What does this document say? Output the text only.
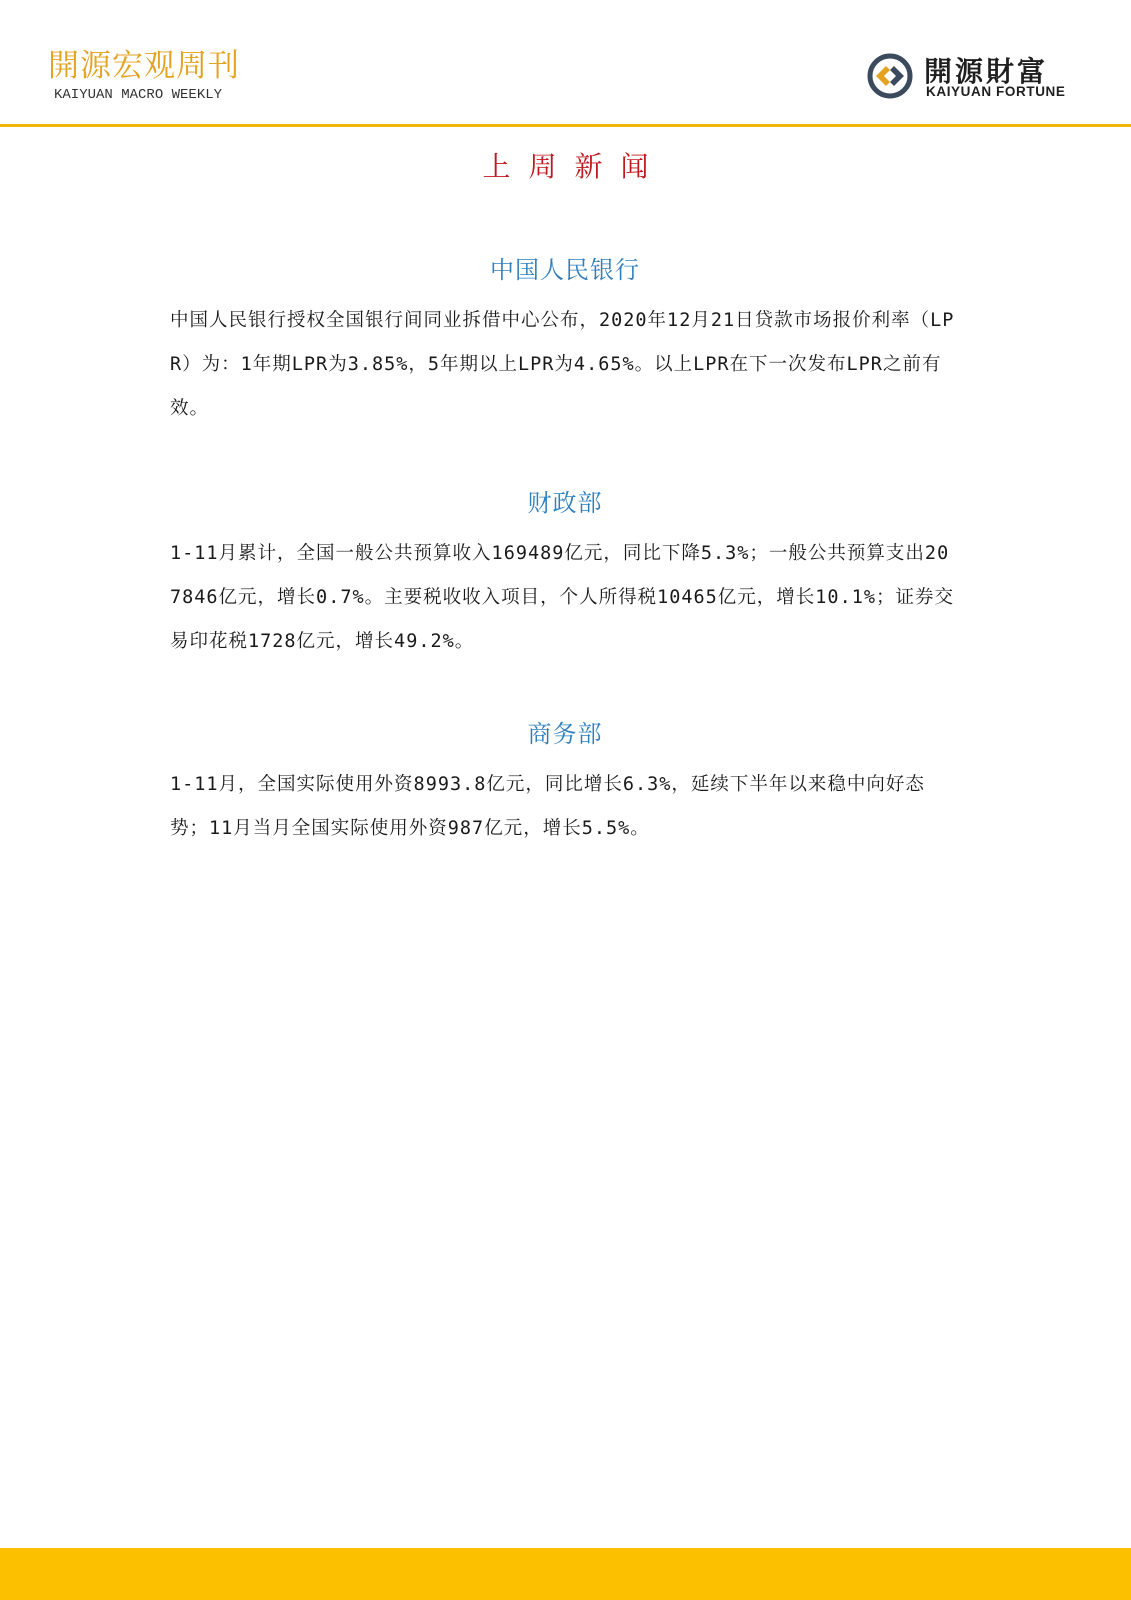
開源宏观周刊
KAIYUAN MACRO WEEKLY
開源財富
KAIYUAN FORTUNE
上周新闻
中国人民银行

中国人民银行授权全国银行间同业拆借中心公布，2020年12月21日贷款市场报价利率（LPR）为：1年期LPR为3.85%，5年期以上LPR为4.65%。以上LPR在下一次发布LPR之前有效。

财政部

1-11月累计，全国一般公共预算收入169489亿元，同比下降5.3%；一般公共预算支出207846亿元，增长0.7%。主要税收收入项目，个人所得税10465亿元，增长10.1%；证券交易印花税1728亿元，增长49.2%。

商务部

1-11月，全国实际使用外资8993.8亿元，同比增长6.3%，延续下半年以来稳中向好态势；11月当月全国实际使用外资987亿元，增长5.5%。
